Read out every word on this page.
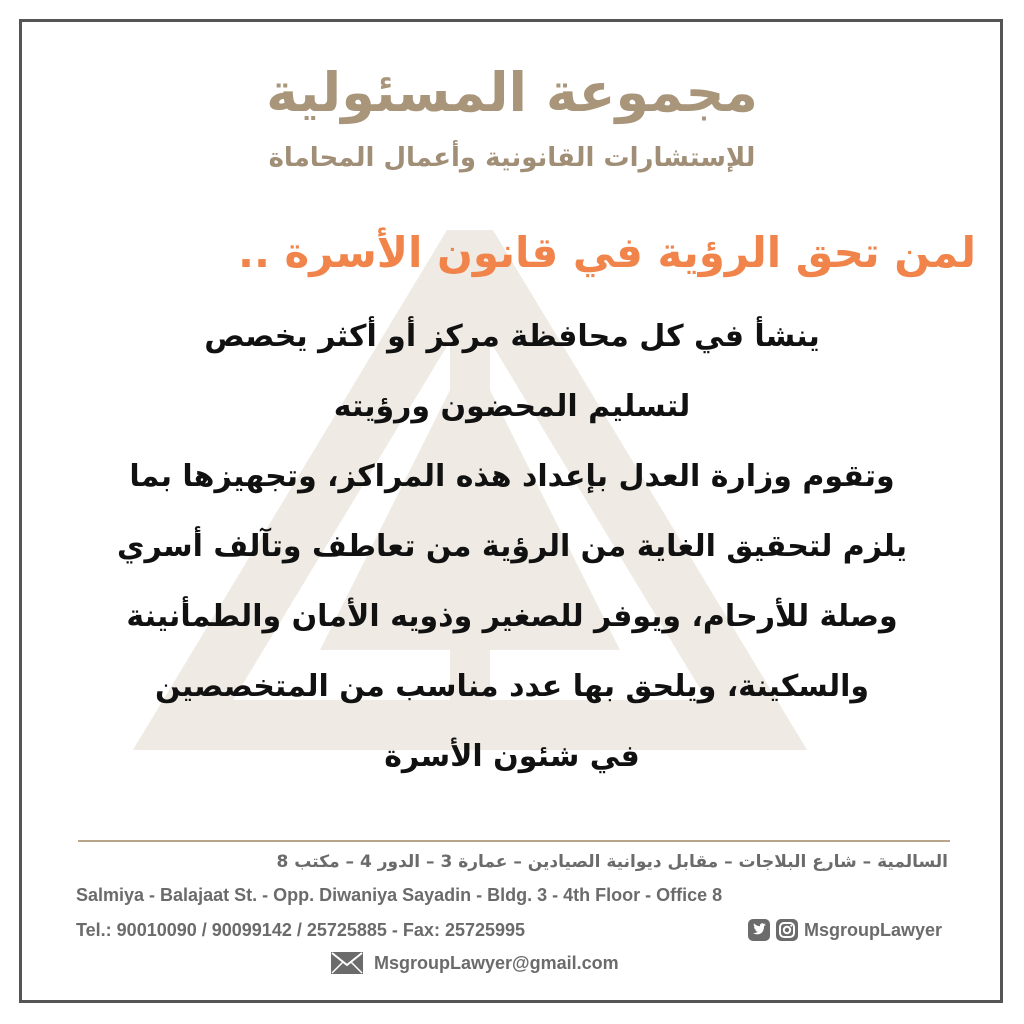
مجموعة المسئولية
للإستشارات القانونية وأعمال المحاماة
لمن تحق الرؤية في قانون الأسرة ..
ينشأ في كل محافظة مركز أو أكثر يخصص
لتسليم المحضون ورؤيته
وتقوم وزارة العدل بإعداد هذه المراكز، وتجهيزها بما
يلزم لتحقيق الغاية من الرؤية من تعاطف وتآلف أسري
وصلة للأرحام، ويوفر للصغير وذويه الأمان والطمأنينة
والسكينة، ويلحق بها عدد مناسب من المتخصصين
في شئون الأسرة
السالمية – شارع البلاجات – مقابل ديوانية الصيادين – عمارة 3 – الدور 4 – مكتب 8
Salmiya - Balajaat St. - Opp. Diwaniya Sayadin - Bldg. 3 - 4th Floor - Office 8
Tel.: 90010090 / 90099142 / 25725885 - Fax: 25725995	MsgroupLawyer
MsgroupLawyer@gmail.com
